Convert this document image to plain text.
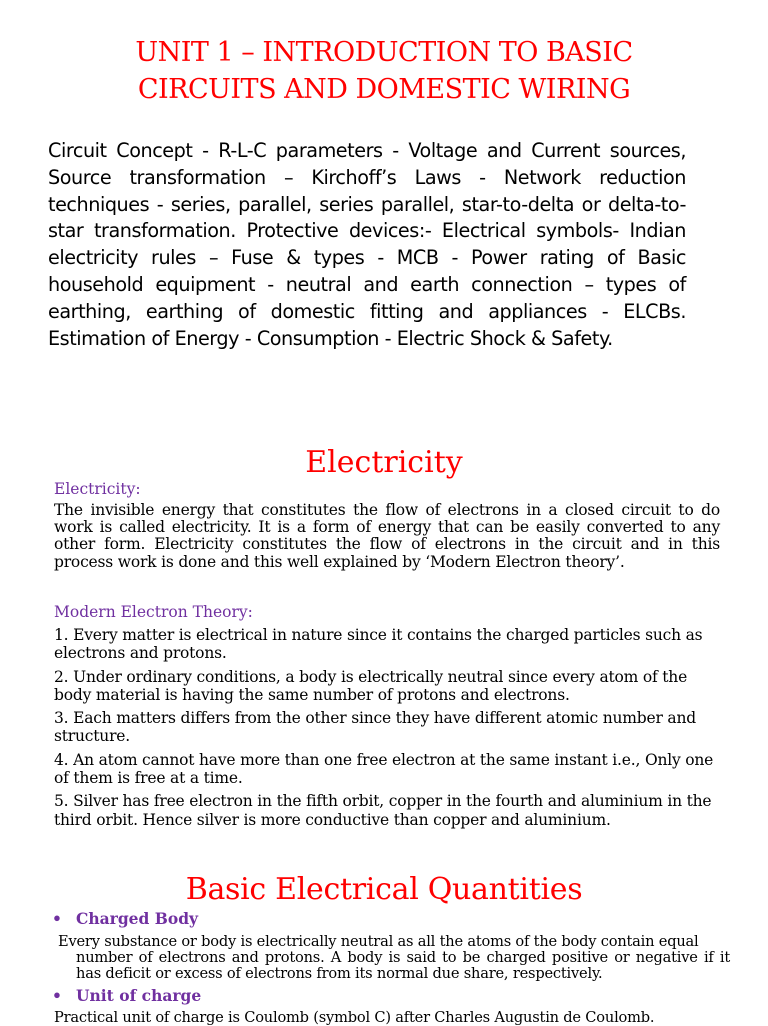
UNIT 1 – INTRODUCTION TO BASIC
CIRCUITS AND DOMESTIC WIRING
Circuit Concept - R-L-C parameters - Voltage and Current sources, Source transformation – Kirchoff’s Laws - Network reduction techniques - series, parallel, series parallel, star-to-delta or delta-to-star transformation. Protective devices:- Electrical symbols- Indian electricity rules – Fuse & types - MCB - Power rating of Basic household equipment - neutral and earth connection – types of earthing, earthing of domestic fitting and appliances - ELCBs. Estimation of Energy - Consumption - Electric Shock & Safety.
Electricity
Electricity:
The invisible energy that constitutes the flow of electrons in a closed circuit to do work is called electricity. It is a form of energy that can be easily converted to any other form. Electricity constitutes the flow of electrons in the circuit and in this process work is done and this well explained by ‘Modern Electron theory’.
Modern Electron Theory:
1. Every matter is electrical in nature since it contains the charged particles such as electrons and protons.
2. Under ordinary conditions, a body is electrically neutral since every atom of the body material is having the same number of protons and electrons.
3. Each matters differs from the other since they have different atomic number and structure.
4. An atom cannot have more than one free electron at the same instant i.e., Only one of them is free at a time.
5. Silver has free electron in the fifth orbit, copper in the fourth and aluminium in the third orbit. Hence silver is more conductive than copper and aluminium.
Basic Electrical Quantities
• Charged Body
Every substance or body is electrically neutral as all the atoms of the body contain equal
number of electrons and protons. A body is said to be charged positive or negative if it has deficit or excess of electrons from its normal due share, respectively.
• Unit of charge
Practical unit of charge is Coulomb (symbol C) after Charles Augustin de Coulomb.
